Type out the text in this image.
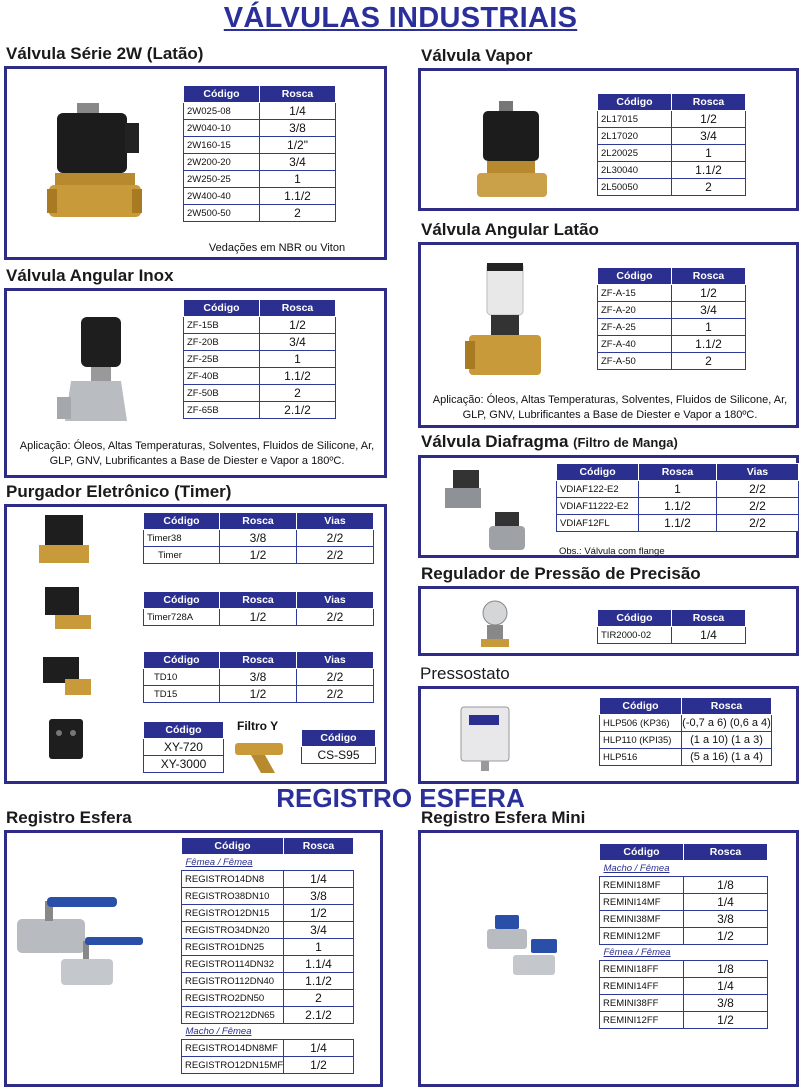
VÁLVULAS INDUSTRIAIS
Válvula Série 2W (Latão)
Código	Rosca
2W025-08	1/4
2W040-10	3/8
2W160-15	1/2"
2W200-20	3/4
2W250-25	1
2W400-40	1.1/2
2W500-50	2
Vedações em NBR ou Viton
Válvula Vapor
Código	Rosca
2L17015	1/2
2L17020	3/4
2L20025	1
2L30040	1.1/2
2L50050	2
Válvula Angular Latão
Código	Rosca
ZF-A-15	1/2
ZF-A-20	3/4
ZF-A-25	1
ZF-A-40	1.1/2
ZF-A-50	2
Aplicação: Óleos, Altas Temperaturas, Solventes, Fluidos de Silicone, Ar, GLP, GNV, Lubrificantes a Base de Diester e Vapor a 180ºC.
Válvula Angular Inox
Código	Rosca
ZF-15B	1/2
ZF-20B	3/4
ZF-25B	1
ZF-40B	1.1/2
ZF-50B	2
ZF-65B	2.1/2
Aplicação: Óleos, Altas Temperaturas, Solventes, Fluidos de Silicone, Ar, GLP, GNV, Lubrificantes a Base de Diester e Vapor a 180ºC.
Válvula Diafragma (Filtro de Manga)
Código	Rosca	Vias
VDIAF122-E2	1	2/2
VDIAF11222-E2	1.1/2	2/2
VDIAF12FL	1.1/2	2/2
Obs.: Válvula com flange
Purgador Eletrônico (Timer)
Código	Rosca	Vias
Timer38	3/8	2/2
Timer	1/2	2/2
Código	Rosca	Vias
Timer728A	1/2	2/2
Código	Rosca	Vias
TD10	3/8	2/2
TD15	1/2	2/2
Código
XY-720
XY-3000
Filtro Y
Código
CS-S95
Regulador de Pressão de Precisão
Código	Rosca
TIR2000-02	1/4
Pressostato
Código	Rosca
HLP506 (KP36)	(-0,7 a 6) (0,6 a 4)
HLP110 (KPI35)	(1 a 10) (1 a 3)
HLP516	(5 a 16) (1 a 4)
REGISTRO ESFERA
Registro Esfera
Código	Rosca
Fêmea / Fêmea	
REGISTRO14DN8	1/4
REGISTRO38DN10	3/8
REGISTRO12DN15	1/2
REGISTRO34DN20	3/4
REGISTRO1DN25	1
REGISTRO114DN32	1.1/4
REGISTRO112DN40	1.1/2
REGISTRO2DN50	2
REGISTRO212DN65	2.1/2
Macho / Fêmea	
REGISTRO14DN8MF	1/4
REGISTRO12DN15MF	1/2
Registro Esfera Mini
Código	Rosca
Macho / Fêmea	
REMINI18MF	1/8
REMINI14MF	1/4
REMINI38MF	3/8
REMINI12MF	1/2
Fêmea / Fêmea	
REMINI18FF	1/8
REMINI14FF	1/4
REMINI38FF	3/8
REMINI12FF	1/2
